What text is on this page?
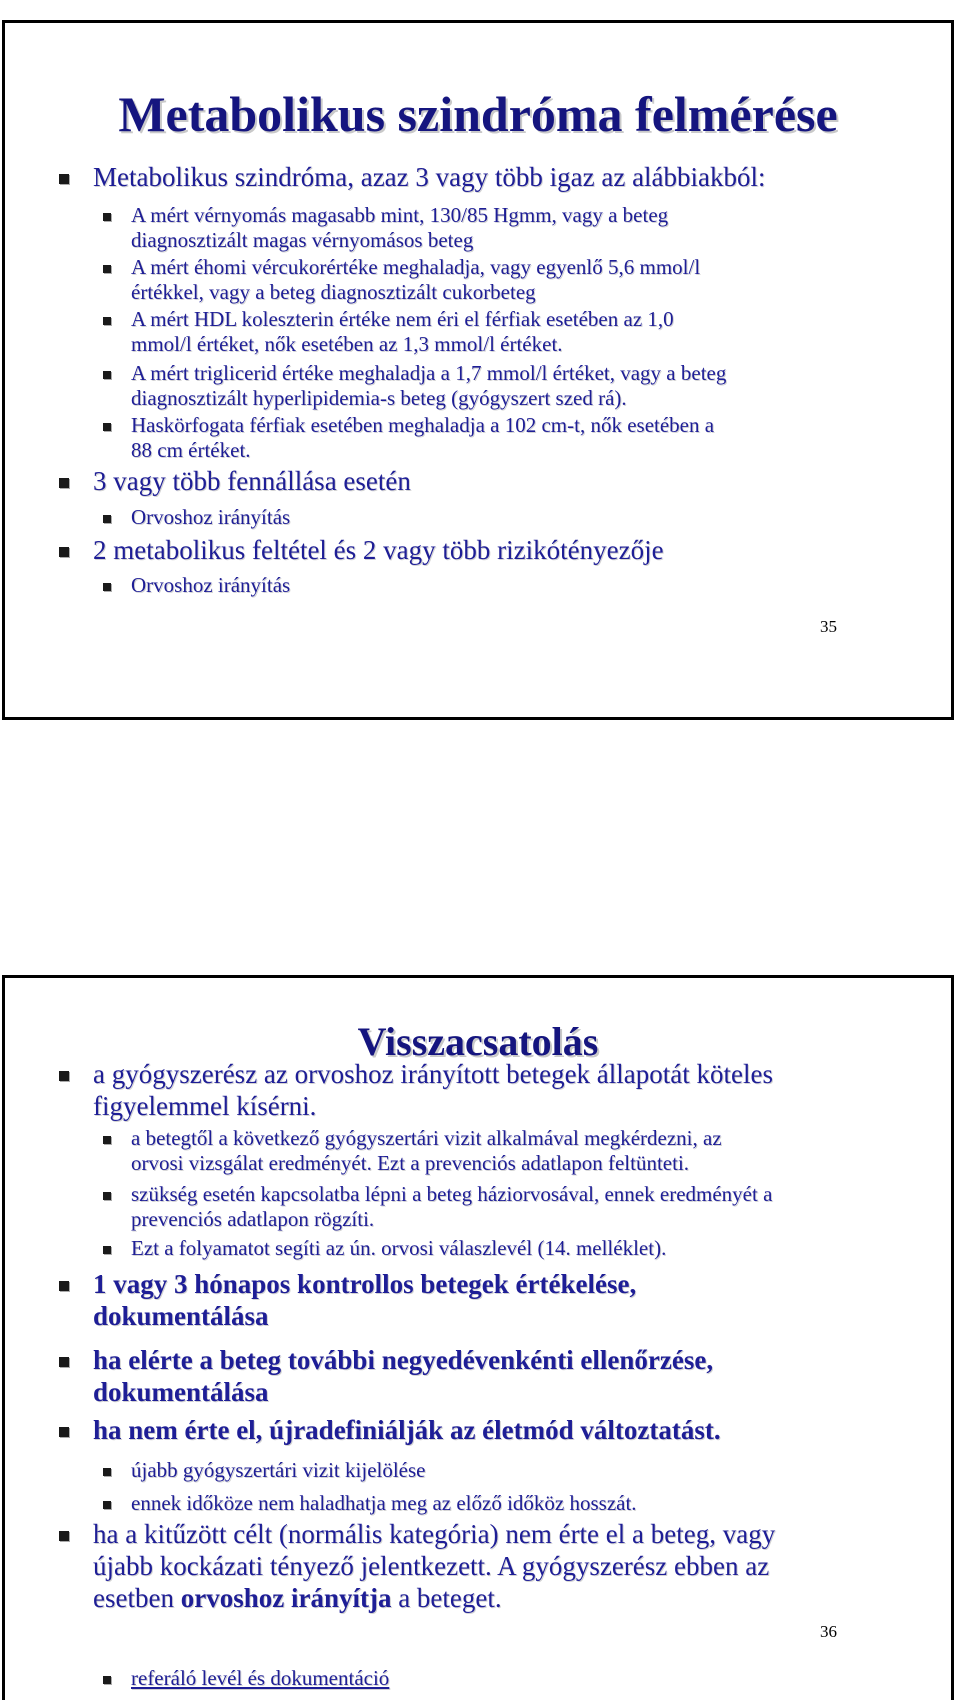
Metabolikus szindróma felmérése
Metabolikus szindróma, azaz 3 vagy több igaz az alábbiakból:
A mért vérnyomás magasabb mint, 130/85 Hgmm, vagy a beteg
diagnosztizált magas vérnyomásos beteg
A mért éhomi vércukorértéke meghaladja, vagy egyenlő 5,6 mmol/l
értékkel, vagy a beteg diagnosztizált cukorbeteg
A mért HDL koleszterin értéke nem éri el férfiak esetében az 1,0
mmol/l értéket, nők esetében az 1,3 mmol/l értéket.
A mért triglicerid értéke meghaladja a 1,7 mmol/l értéket, vagy a beteg
diagnosztizált hyperlipidemia-s beteg (gyógyszert szed rá).
Haskörfogata férfiak esetében meghaladja a 102 cm-t, nők esetében a
88 cm értéket.
3 vagy több fennállása esetén
Orvoshoz irányítás
2 metabolikus feltétel és 2 vagy több rizikótényezője
Orvoshoz irányítás
35
Visszacsatolás
a gyógyszerész az orvoshoz irányított betegek állapotát köteles
figyelemmel kísérni.
a betegtől a következő gyógyszertári vizit alkalmával megkérdezni, az
orvosi vizsgálat eredményét. Ezt a prevenciós adatlapon feltünteti.
szükség esetén kapcsolatba lépni a beteg háziorvosával, ennek eredményét a
prevenciós adatlapon rögzíti.
Ezt a folyamatot segíti az ún. orvosi válaszlevél (14. melléklet).
1 vagy 3 hónapos kontrollos betegek értékelése,
dokumentálása
ha elérte a beteg további negyedévenkénti ellenőrzése,
dokumentálása
ha nem érte el, újradefiniálják az életmód változtatást.
újabb gyógyszertári vizit kijelölése
ennek időköze nem haladhatja meg az előző időköz hosszát.
ha a kitűzött célt (normális kategória) nem érte el a beteg, vagy
újabb kockázati tényező jelentkezett. A gyógyszerész ebben az
esetben orvoshoz irányítja a beteget.
36
referáló levél és dokumentáció
